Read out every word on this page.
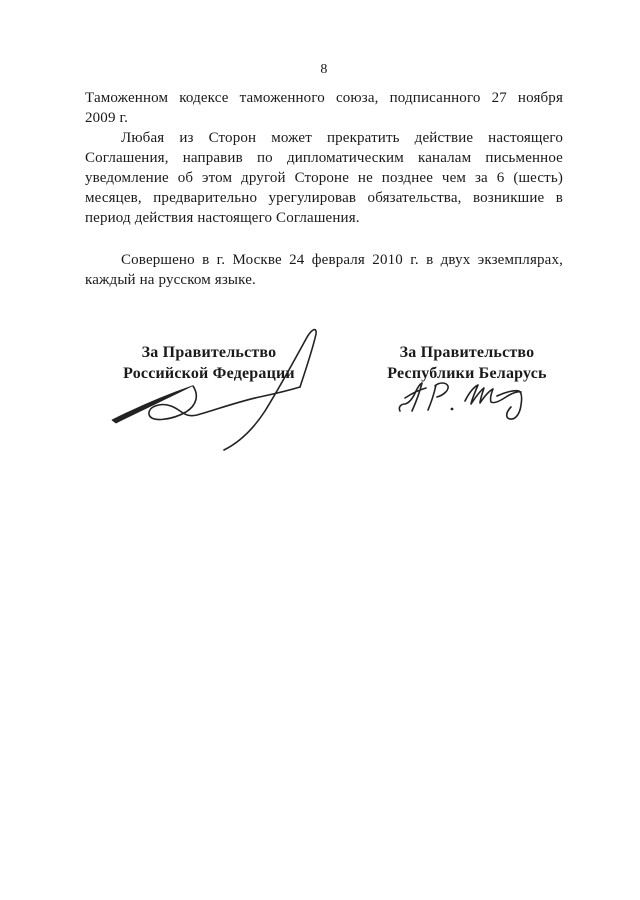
8
Таможенном кодексе таможенного союза, подписанного 27 ноября
2009 г.
Любая из Сторон может прекратить действие настоящего
Соглашения, направив по дипломатическим каналам письменное
уведомление об этом другой Стороне не позднее чем за 6 (шесть)
месяцев, предварительно урегулировав обязательства, возникшие в
период действия настоящего Соглашения.
Совершено в г. Москве 24 февраля 2010 г. в двух экземплярах,
каждый на русском языке.
За Правительство
Российской Федерации
За Правительство
Республики Беларусь
